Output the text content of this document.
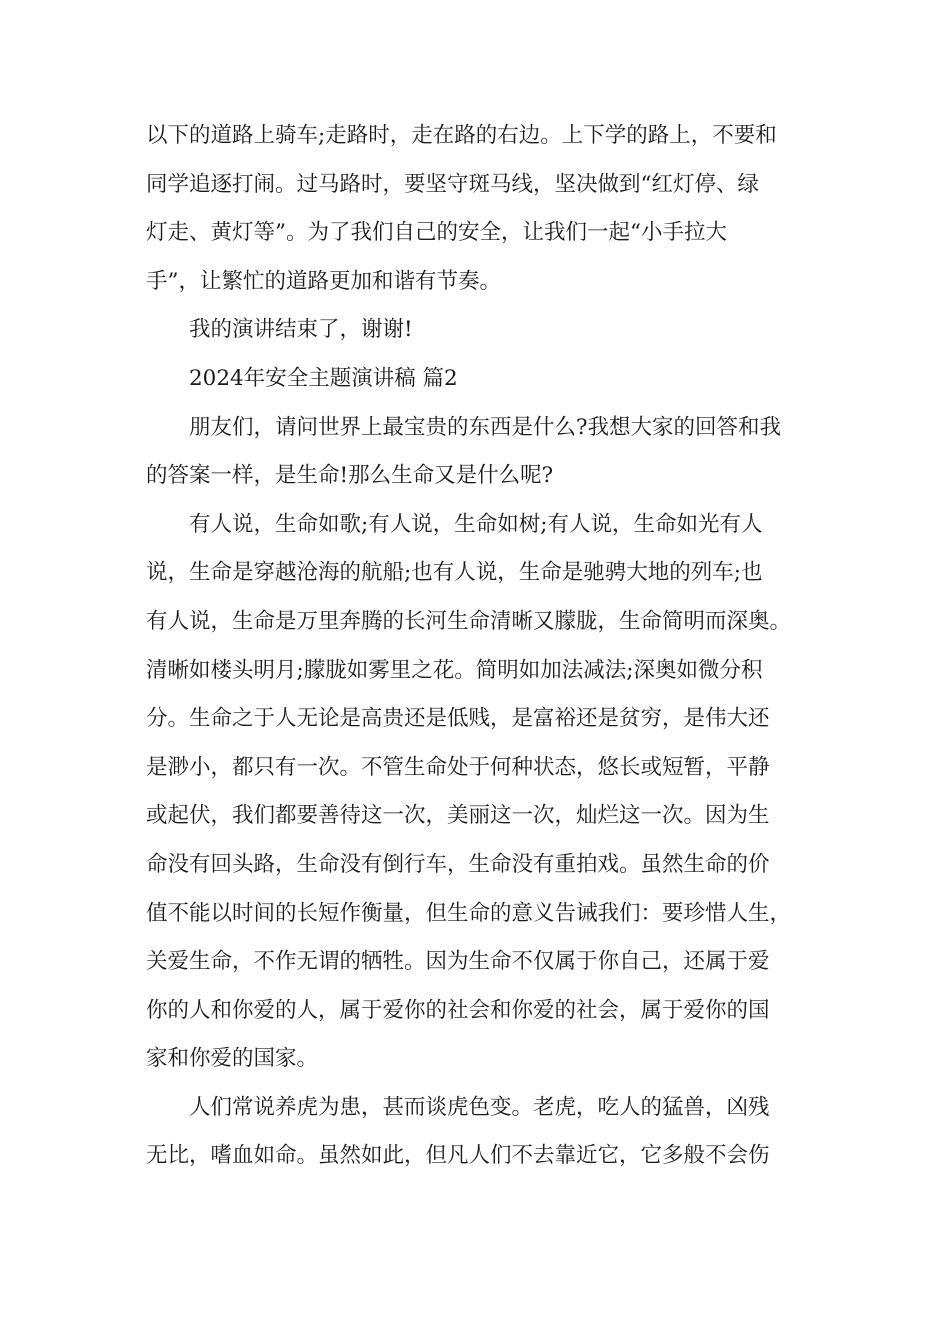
以下的道路上骑车;走路时，走在路的右边。上下学的路上，不要和
同学追逐打闹。过马路时，要坚守斑马线，坚决做到“红灯停、绿
灯走、黄灯等”。为了我们自己的安全，让我们一起“小手拉大
手”，让繁忙的道路更加和谐有节奏。
我的演讲结束了，谢谢!
2024年安全主题演讲稿 篇2
朋友们，请问世界上最宝贵的东西是什么?我想大家的回答和我
的答案一样，是生命!那么生命又是什么呢?
有人说，生命如歌;有人说，生命如树;有人说，生命如光有人
说，生命是穿越沧海的航船;也有人说，生命是驰骋大地的列车;也
有人说，生命是万里奔腾的长河生命清晰又朦胧，生命简明而深奥。
清晰如楼头明月;朦胧如雾里之花。简明如加法减法;深奥如微分积
分。生命之于人无论是高贵还是低贱，是富裕还是贫穷，是伟大还
是渺小，都只有一次。不管生命处于何种状态，悠长或短暂，平静
或起伏，我们都要善待这一次，美丽这一次，灿烂这一次。因为生
命没有回头路，生命没有倒行车，生命没有重拍戏。虽然生命的价
值不能以时间的长短作衡量，但生命的意义告诫我们：要珍惜人生，
关爱生命，不作无谓的牺牲。因为生命不仅属于你自己，还属于爱
你的人和你爱的人，属于爱你的社会和你爱的社会，属于爱你的国
家和你爱的国家。
人们常说养虎为患，甚而谈虎色变。老虎，吃人的猛兽，凶残
无比，嗜血如命。虽然如此，但凡人们不去靠近它，它多般不会伤
